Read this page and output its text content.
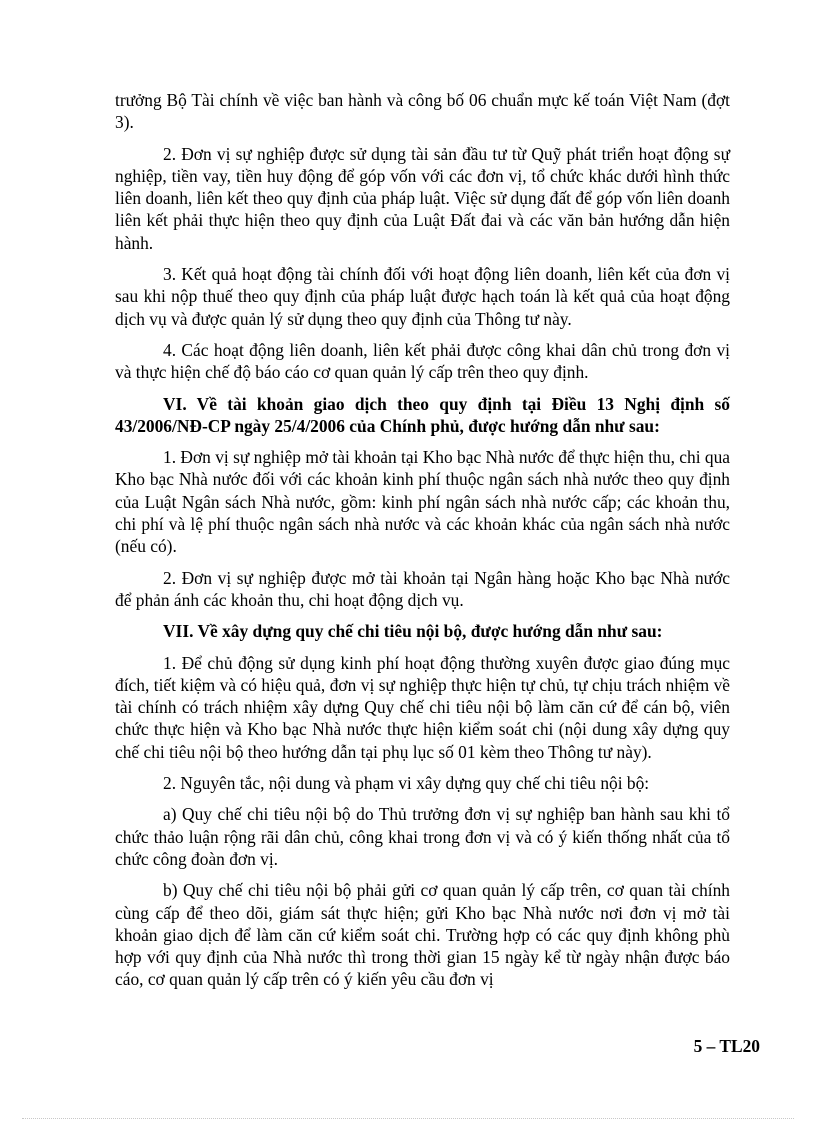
trưởng Bộ Tài chính về việc ban hành và công bố 06 chuẩn mực kế toán Việt Nam (đợt 3).

2. Đơn vị sự nghiệp được sử dụng tài sản đầu tư từ Quỹ phát triển hoạt động sự nghiệp, tiền vay, tiền huy động để góp vốn với các đơn vị, tổ chức khác dưới hình thức liên doanh, liên kết theo quy định của pháp luật. Việc sử dụng đất để góp vốn liên doanh liên kết phải thực hiện theo quy định của Luật Đất đai và các văn bản hướng dẫn hiện hành.

3. Kết quả hoạt động tài chính đối với hoạt động liên doanh, liên kết của đơn vị sau khi nộp thuế theo quy định của pháp luật được hạch toán là kết quả của hoạt động dịch vụ và được quản lý sử dụng theo quy định của Thông tư này.

4. Các hoạt động liên doanh, liên kết phải được công khai dân chủ trong đơn vị và thực hiện chế độ báo cáo cơ quan quản lý cấp trên theo quy định.

VI. Về tài khoản giao dịch theo quy định tại Điều 13 Nghị định số 43/2006/NĐ-CP ngày 25/4/2006 của Chính phủ, được hướng dẫn như sau:

1. Đơn vị sự nghiệp mở tài khoản tại Kho bạc Nhà nước để thực hiện thu, chi qua Kho bạc Nhà nước đối với các khoản kinh phí thuộc ngân sách nhà nước theo quy định của Luật Ngân sách Nhà nước, gồm: kinh phí ngân sách nhà nước cấp; các khoản thu, chi phí và lệ phí thuộc ngân sách nhà nước và các khoản khác của ngân sách nhà nước (nếu có).

2. Đơn vị sự nghiệp được mở tài khoản tại Ngân hàng hoặc Kho bạc Nhà nước để phản ánh các khoản thu, chi hoạt động dịch vụ.

VII. Về xây dựng quy chế chi tiêu nội bộ, được hướng dẫn như sau:

1. Để chủ động sử dụng kinh phí hoạt động thường xuyên được giao đúng mục đích, tiết kiệm và có hiệu quả, đơn vị sự nghiệp thực hiện tự chủ, tự chịu trách nhiệm về tài chính có trách nhiệm xây dựng Quy chế chi tiêu nội bộ làm căn cứ để cán bộ, viên chức thực hiện và Kho bạc Nhà nước thực hiện kiểm soát chi (nội dung xây dựng quy chế chi tiêu nội bộ theo hướng dẫn tại phụ lục số 01 kèm theo Thông tư này).

2. Nguyên tắc, nội dung và phạm vi xây dựng quy chế chi tiêu nội bộ:

a) Quy chế chi tiêu nội bộ do Thủ trưởng đơn vị sự nghiệp ban hành sau khi tổ chức thảo luận rộng rãi dân chủ, công khai trong đơn vị và có ý kiến thống nhất của tổ chức công đoàn đơn vị.

b) Quy chế chi tiêu nội bộ phải gửi cơ quan quản lý cấp trên, cơ quan tài chính cùng cấp để theo dõi, giám sát thực hiện; gửi Kho bạc Nhà nước nơi đơn vị mở tài khoản giao dịch để làm căn cứ kiểm soát chi. Trường hợp có các quy định không phù hợp với quy định của Nhà nước thì trong thời gian 15 ngày kể từ ngày nhận được báo cáo, cơ quan quản lý cấp trên có ý kiến yêu cầu đơn vị

5 – TL20
